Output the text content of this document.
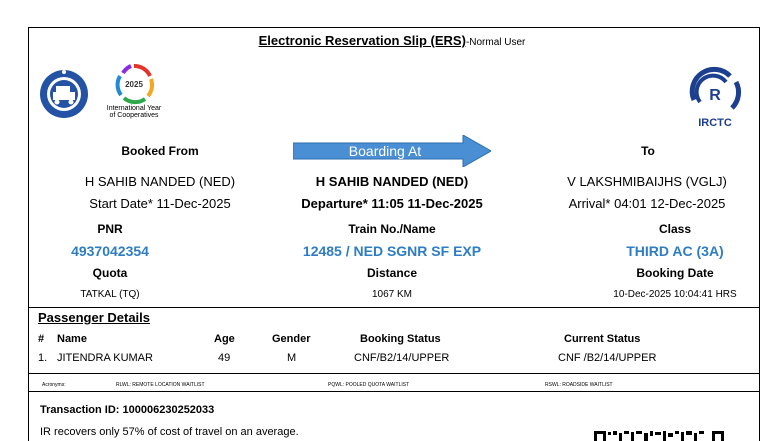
Electronic Reservation Slip (ERS)-Normal User
2025
International Year
of Cooperatives
R
IRCTC
Booked From
H SAHIB NANDED (NED)
Start Date* 11-Dec-2025
Boarding At
H SAHIB NANDED (NED)
Departure* 11:05 11-Dec-2025
To
V LAKSHMIBAIJHS (VGLJ)
Arrival* 04:01 12-Dec-2025
PNR
4937042354
Train No./Name
12485 / NED SGNR SF EXP
Class
THIRD AC (3A)
Quota
TATKAL (TQ)
Distance
1067 KM
Booking Date
10-Dec-2025 10:04:41 HRS
Passenger Details
# Name	Age	Gender	Booking Status	Current Status
1. JITENDRA KUMAR	49	M	CNF/B2/14/UPPER	CNF /B2/14/UPPER
Acronyms:	RLWL: REMOTE LOCATION WAITLIST	PQWL: POOLED QUOTA WAITLIST	RSWL: ROADSIDE WAITLIST
Transaction ID: 100006230252033
IR recovers only 57% of cost of travel on an average.
